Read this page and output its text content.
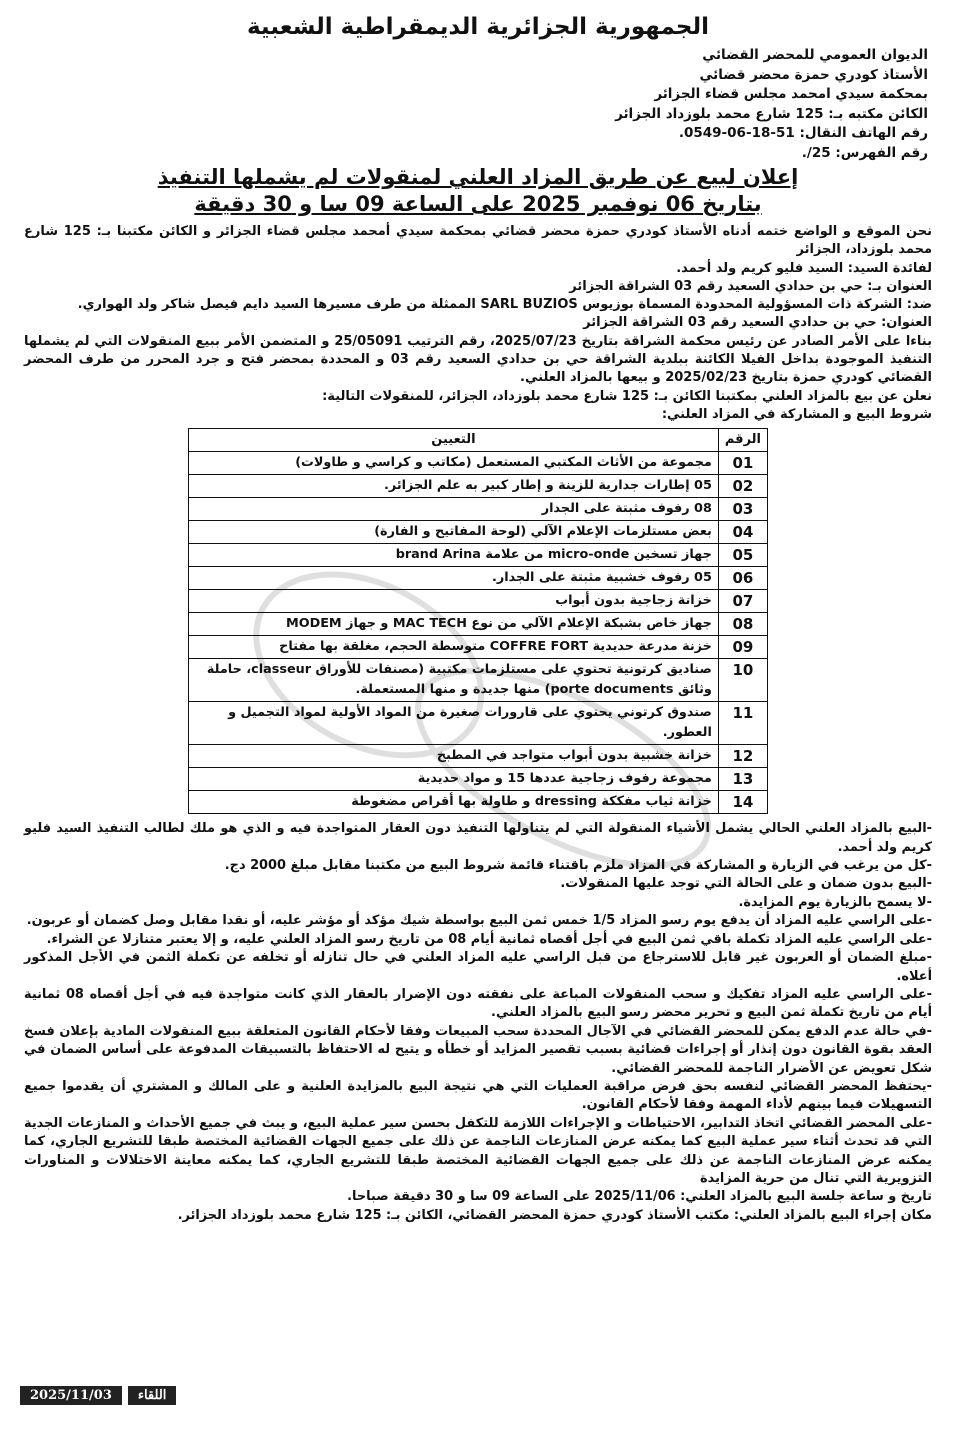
الجمهورية الجزائرية الديمقراطية الشعبية

الديوان العمومي للمحضر القضائي

الأستاذ كودري حمزة محضر قضائي

بمحكمة سيدي امحمد مجلس قضاء الجزائر

الكائن مكتبه بـ: 125 شارع محمد بلوزداد الجزائر

رقم الهاتف النقال: 51-18-06-0549.

رقم الفهرس: 25/.

إعلان لبيع عن طريق المزاد العلني لمنقولات لم يشملها التنفيذ
بتاريخ 06 نوفمبر 2025 على الساعة 09 سا و 30 دقيقة

نحن الموقع و الواضع ختمه أدناه الأستاذ كودري حمزة محضر قضائي بمحكمة سيدي أمحمد مجلس قضاء الجزائر و الكائن مكتبنا بـ: 125 شارع محمد بلوزداد، الجزائر

لفائدة السيد: السيد فليو كريم ولد أحمد.

العنوان بـ: حي بن حدادي السعيد رقم 03 الشراقة الجزائر

ضد: الشركة ذات المسؤولية المحدودة المسماة بوزيوس SARL BUZIOS الممثلة من طرف مسيرها السيد دايم فيصل شاكر ولد الهواري.

العنوان: حي بن حدادي السعيد رقم 03 الشراقة الجزائر

بناءا على الأمر الصادر عن رئيس محكمة الشراقة بتاريخ 2025/07/23، رقم الترتيب 25/05091 و المتضمن الأمر ببيع المنقولات التي لم يشملها التنفيذ الموجودة بداخل الفيلا الكائنة ببلدية الشراقة حي بن حدادي السعيد رقم 03 و المحددة بمحضر فتح و جرد المحرر من طرف المحضر القضائي كودري حمزة بتاريخ 2025/02/23 و بيعها بالمزاد العلني.

نعلن عن بيع بالمزاد العلني بمكتبنا الكائن بـ: 125 شارع محمد بلوزداد، الجزائر، للمنقولات التالية:

شروط البيع و المشاركة في المزاد العلني:

الرقم	التعيين
01	مجموعة من الأثاث المكتبي المستعمل (مكاتب و كراسي و طاولات)
02	05 إطارات جدارية للزينة و إطار كبير به علم الجزائر.
03	08 رفوف مثبتة على الجدار
04	بعض مستلزمات الإعلام الآلي (لوحة المفاتيح و الفارة)
05	جهاز تسخين micro-onde من علامة brand Arina
06	05 رفوف خشبية مثبتة على الجدار.
07	خزانة زجاجية بدون أبواب
08	جهاز خاص بشبكة الإعلام الآلي من نوع MAC TECH و جهاز MODEM
09	خزنة مدرعة حديدية COFFRE FORT متوسطة الحجم، مغلقة بها مفتاح
10	صناديق كرتونية تحتوي على مستلزمات مكتبية (مصنفات للأوراق classeur، حاملة وثائق porte documents) منها جديدة و منها المستعملة.
11	صندوق كرتوني يحتوي على قارورات صغيرة من المواد الأولية لمواد التجميل و العطور.
12	خزانة خشبية بدون أبواب متواجد في المطبخ
13	مجموعة رفوف زجاجية عددها 15 و مواد حديدية
14	خزانة ثياب مفككة dressing و طاولة بها أقراص مضغوطة

-البيع بالمزاد العلني الحالي يشمل الأشياء المنقولة التي لم يتناولها التنفيذ دون العقار المتواجدة فيه و الذي هو ملك لطالب التنفيذ السيد فليو كريم ولد أحمد.

-كل من يرغب في الزيارة و المشاركة في المزاد ملزم باقتناء قائمة شروط البيع من مكتبنا مقابل مبلغ 2000 دج.

-البيع بدون ضمان و على الحالة التي توجد عليها المنقولات.

-لا يسمح بالزيارة يوم المزايدة.

-على الراسي عليه المزاد أن يدفع يوم رسو المزاد 1/5 خمس ثمن البيع بواسطة شيك مؤكد أو مؤشر عليه، أو نقدا مقابل وصل كضمان أو عربون.

-على الراسي عليه المزاد تكملة باقي ثمن البيع في أجل أقصاه ثمانية أيام 08 من تاريخ رسو المزاد العلني عليه، و إلا يعتبر متنازلا عن الشراء.

-مبلغ الضمان أو العربون غير قابل للاسترجاع من قبل الراسي عليه المزاد العلني في حال تنازله أو تخلفه عن تكملة الثمن في الأجل المذكور أعلاه.

-على الراسي عليه المزاد تفكيك و سحب المنقولات المباعة على نفقته دون الإضرار بالعقار الذي كانت متواجدة فيه في أجل أقصاه 08 ثمانية أيام من تاريخ تكملة ثمن البيع و تحرير محضر رسو البيع بالمزاد العلني.

-في حالة عدم الدفع يمكن للمحضر القضائي في الآجال المحددة سحب المبيعات وفقا لأحكام القانون المتعلقة ببيع المنقولات المادية بإعلان فسخ العقد بقوة القانون دون إنذار أو إجراءات قضائية بسبب تقصير المزايد أو خطأه و يتيح له الاحتفاظ بالتسبيقات المدفوعة على أساس الضمان في شكل تعويض عن الأضرار الناجمة للمحضر القضائي.

-يحتفظ المحضر القضائي لنفسه بحق فرض مراقبة العمليات التي هي نتيجة البيع بالمزايدة العلنية و على المالك و المشتري أن يقدموا جميع التسهيلات فيما بينهم لأداء المهمة وفقا لأحكام القانون.

-على المحضر القضائي اتخاذ التدابير، الاحتياطات و الإجراءات اللازمة للتكفل بحسن سير عملية البيع، و يبث في جميع الأحداث و المنازعات الجدية التي قد تحدث أثناء سير عملية البيع كما يمكنه عرض المنازعات الناجمة عن ذلك على جميع الجهات القضائية المختصة طبقا للتشريع الجاري، كما يمكنه عرض المنازعات الناجمة عن ذلك على جميع الجهات القضائية المختصة طبقا للتشريع الجاري، كما يمكنه معاينة الاختلالات و المناورات التزويرية التي تنال من حرية المزايدة

تاريخ و ساعة جلسة البيع بالمزاد العلني: 2025/11/06 على الساعة 09 سا و 30 دقيقة صباحا.

مكان إجراء البيع بالمزاد العلني: مكتب الأستاذ كودري حمزة المحضر القضائي، الكائن بـ: 125 شارع محمد بلوزداد الجزائر.

2025/11/03	اللقاء
